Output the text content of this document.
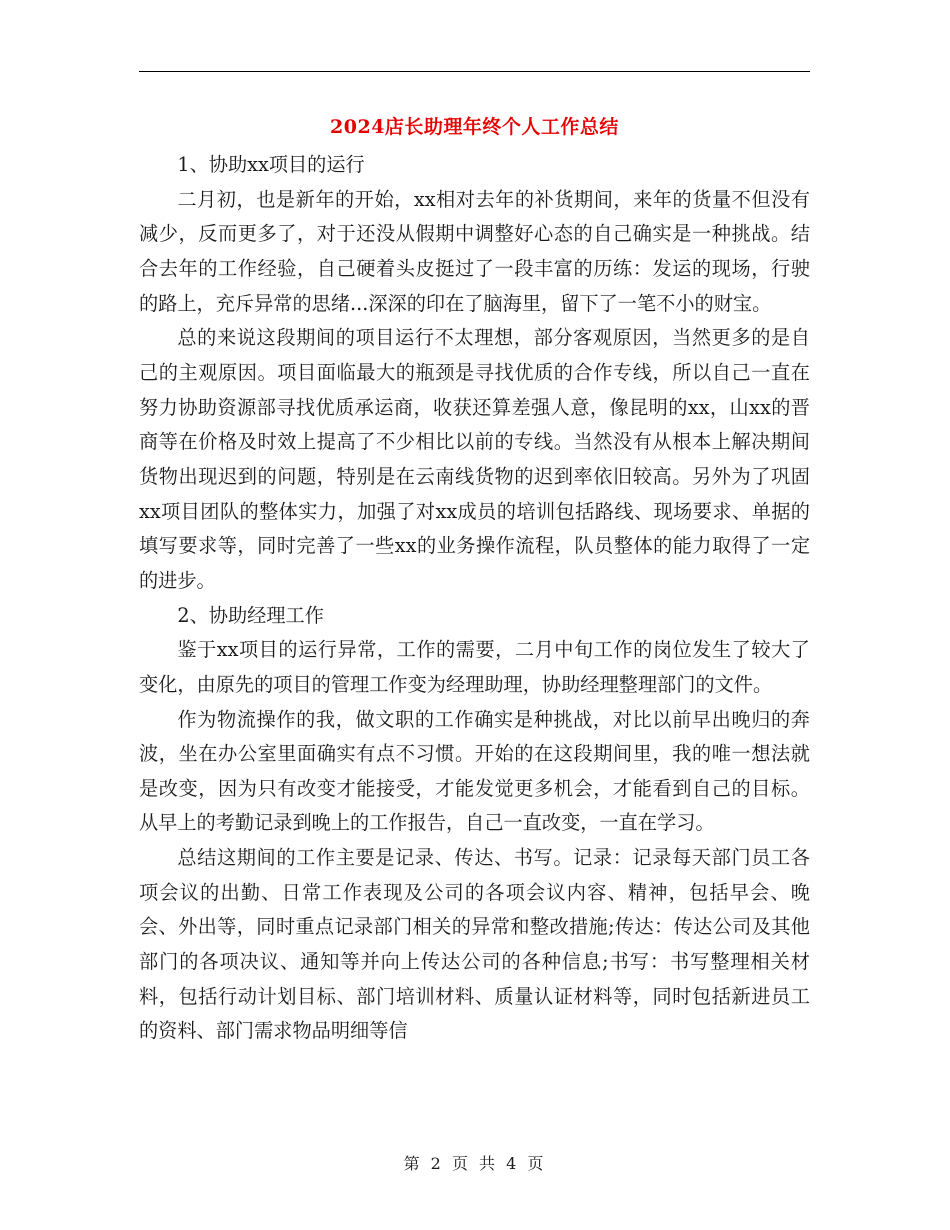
2024店长助理年终个人工作总结

1、协助xx项目的运行

二月初，也是新年的开始，xx相对去年的补货期间，来年的货量不但没有减少，反而更多了，对于还没从假期中调整好心态的自己确实是一种挑战。结合去年的工作经验，自己硬着头皮挺过了一段丰富的历练：发运的现场，行驶的路上，充斥异常的思绪...深深的印在了脑海里，留下了一笔不小的财宝。

总的来说这段期间的项目运行不太理想，部分客观原因，当然更多的是自己的主观原因。项目面临最大的瓶颈是寻找优质的合作专线，所以自己一直在努力协助资源部寻找优质承运商，收获还算差强人意，像昆明的xx，山xx的晋商等在价格及时效上提高了不少相比以前的专线。当然没有从根本上解决期间货物出现迟到的问题，特别是在云南线货物的迟到率依旧较高。另外为了巩固xx项目团队的整体实力，加强了对xx成员的培训包括路线、现场要求、单据的填写要求等，同时完善了一些xx的业务操作流程，队员整体的能力取得了一定的进步。

2、协助经理工作

鉴于xx项目的运行异常，工作的需要，二月中旬工作的岗位发生了较大了变化，由原先的项目的管理工作变为经理助理，协助经理整理部门的文件。

作为物流操作的我，做文职的工作确实是种挑战，对比以前早出晚归的奔波，坐在办公室里面确实有点不习惯。开始的在这段期间里，我的唯一想法就是改变，因为只有改变才能接受，才能发觉更多机会，才能看到自己的目标。从早上的考勤记录到晚上的工作报告，自己一直改变，一直在学习。

总结这期间的工作主要是记录、传达、书写。记录：记录每天部门员工各项会议的出勤、日常工作表现及公司的各项会议内容、精神，包括早会、晚会、外出等，同时重点记录部门相关的异常和整改措施;传达：传达公司及其他部门的各项决议、通知等并向上传达公司的各种信息;书写：书写整理相关材料，包括行动计划目标、部门培训材料、质量认证材料等，同时包括新进员工的资料、部门需求物品明细等信

第 2 页 共 4 页
